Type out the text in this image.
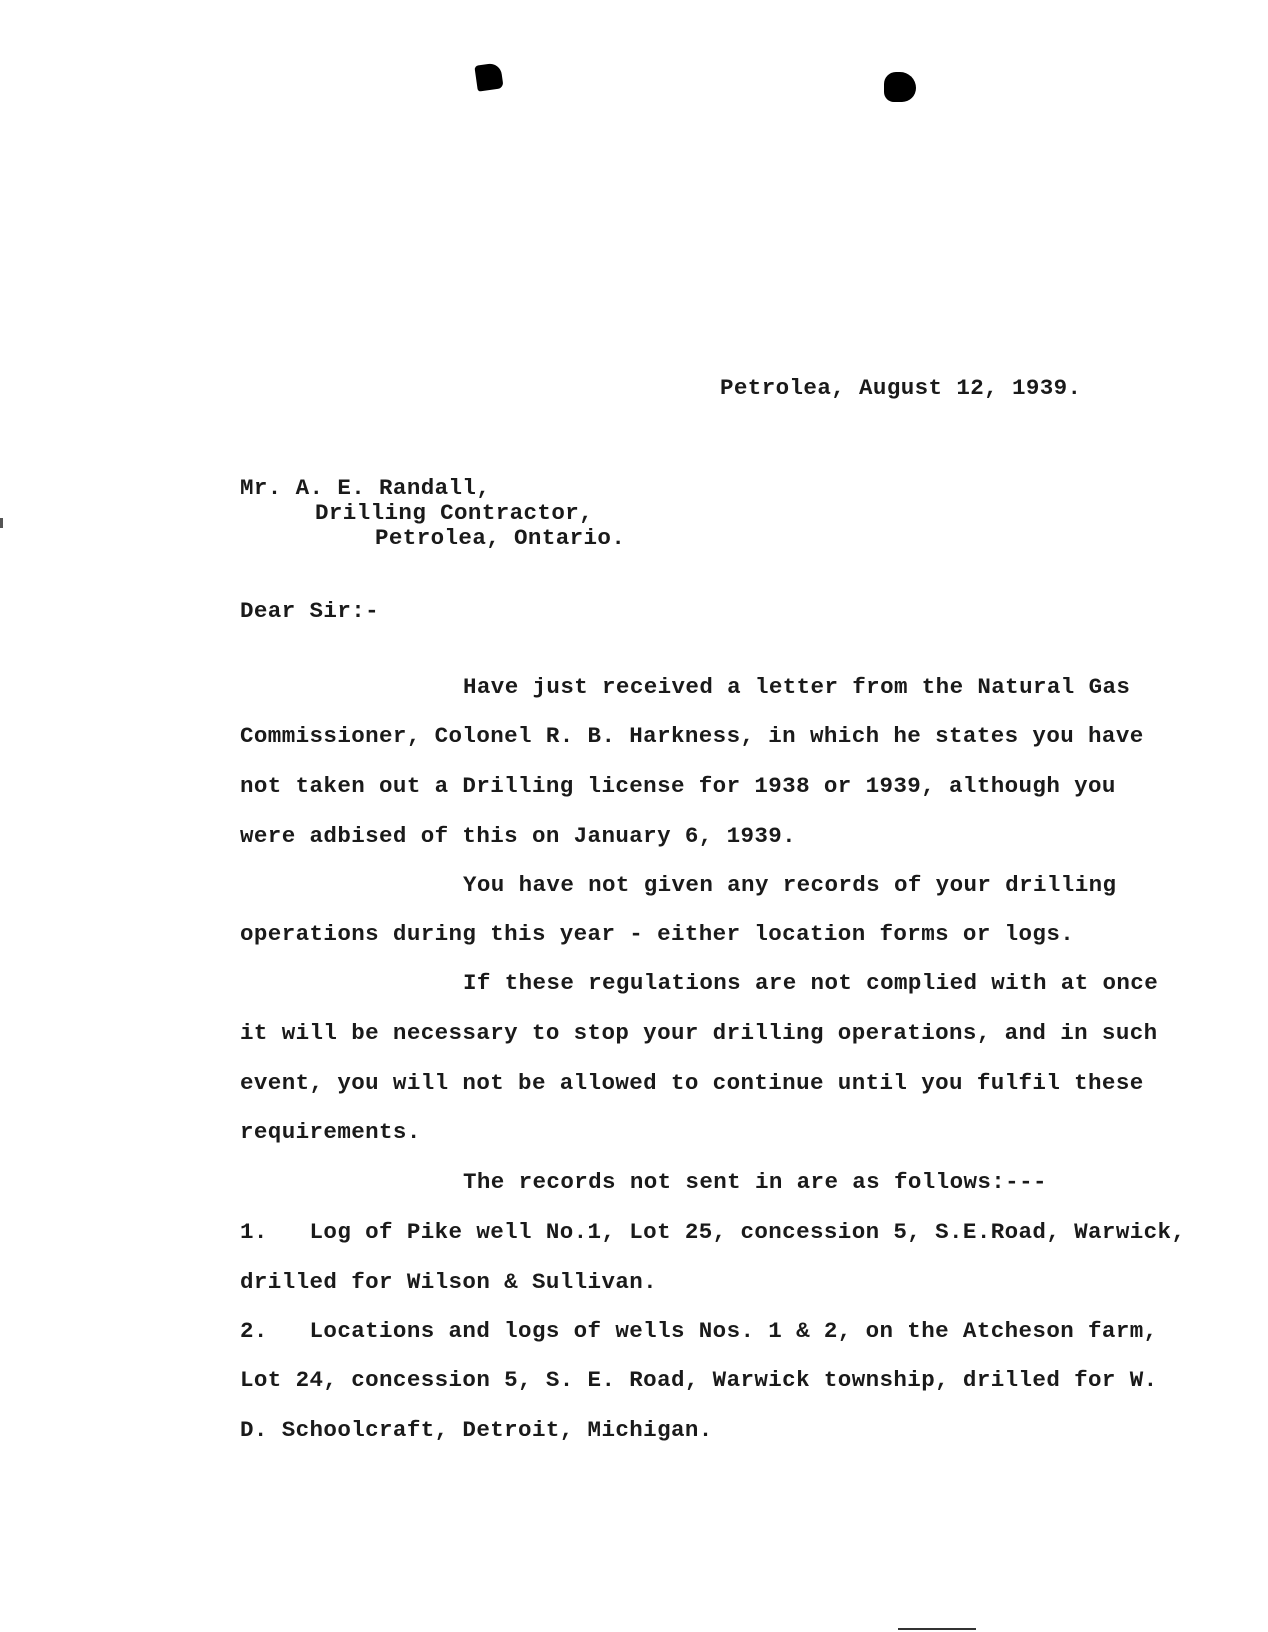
Petrolea, August 12, 1939.
Mr. A. E. Randall,
Drilling Contractor,
Petrolea, Ontario.
Dear Sir:-
Have just received a letter from the Natural Gas
Commissioner, Colonel R. B. Harkness, in which he states you have
not taken out a Drilling license for 1938 or 1939, although you
were adbised of this on January 6, 1939.
You have not given any records of your drilling
operations during this year - either location forms or logs.
If these regulations are not complied with at once
it will be necessary to stop your drilling operations, and in such
event, you will not be allowed to continue until you fulfil these
requirements.
The records not sent in are as follows:---
1.   Log of Pike well No.1, Lot 25, concession 5, S.E.Road, Warwick,
drilled for Wilson & Sullivan.
2.   Locations and logs of wells Nos. 1 & 2, on the Atcheson farm,
Lot 24, concession 5, S. E. Road, Warwick township, drilled for W.
D. Schoolcraft, Detroit, Michigan.
